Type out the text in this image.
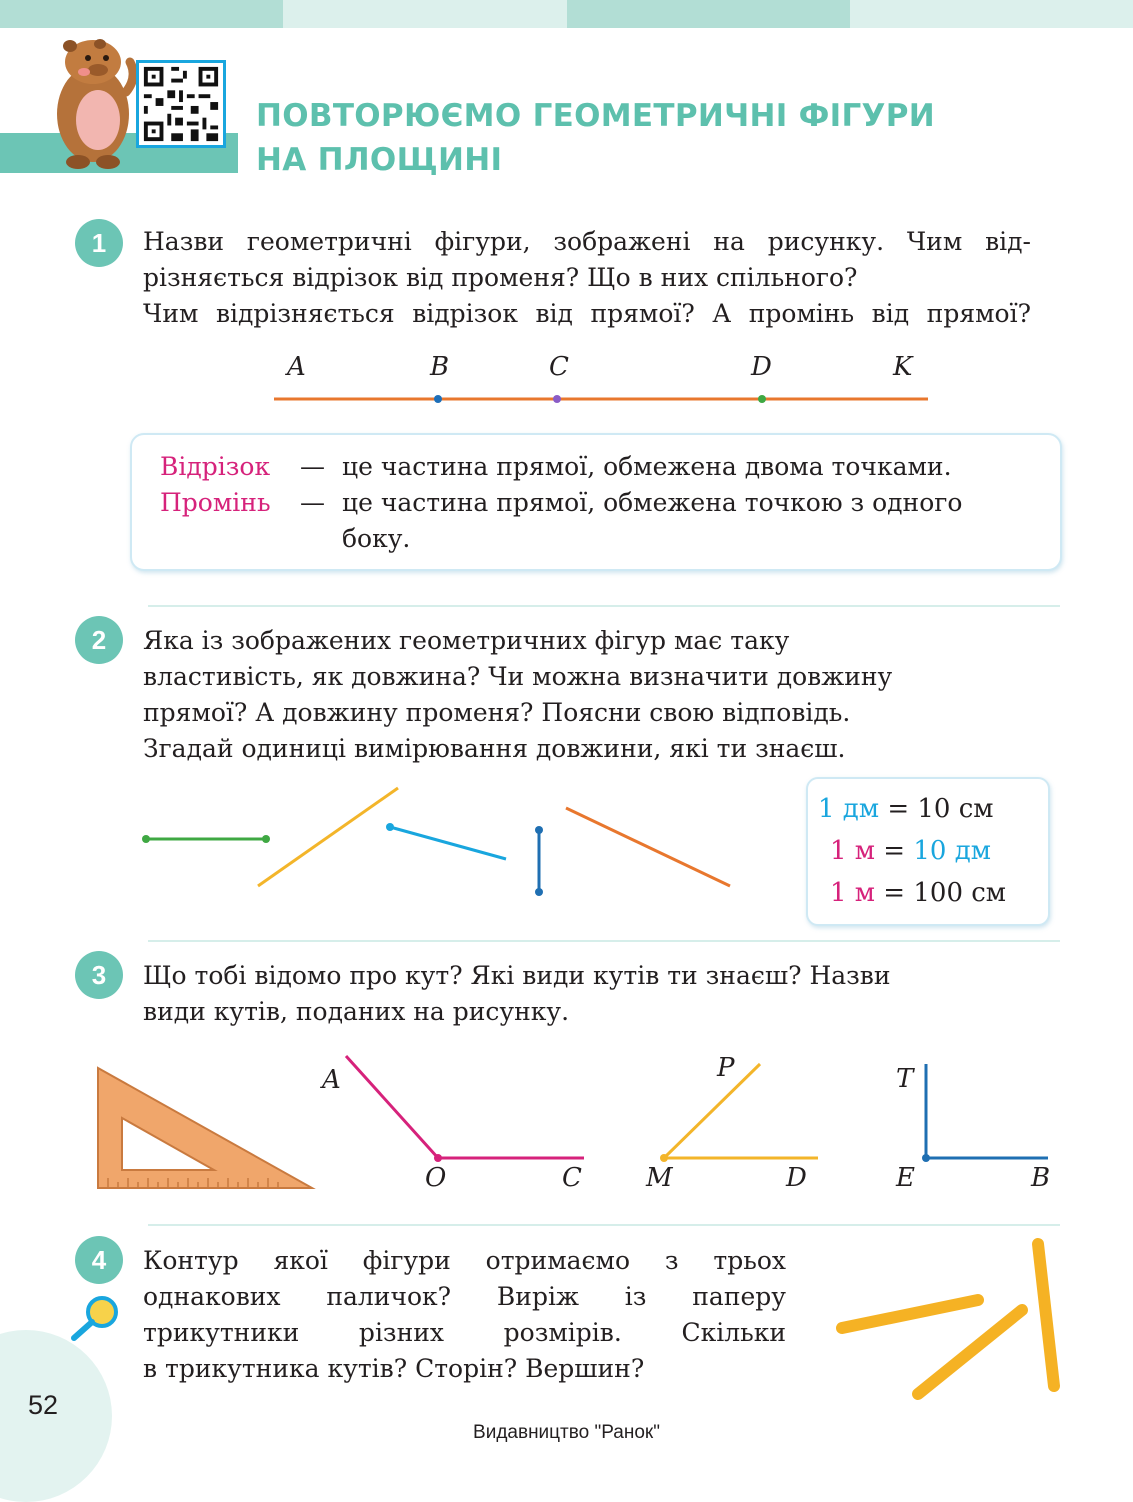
ПОВТОРЮЄМО ГЕОМЕТРИЧНІ ФІГУРИ
НА ПЛОЩИНІ
1	Назви геометричні фігури, зображені на рисунку. Чим від-

різняється відрізок від променя? Що в них спільного?

Чим відрізняється відрізок від прямої? А промінь від прямої?

A	B	C	D	K
Відрізок — це частина прямої, обмежена двома точками.
Промінь — це частина прямої, обмежена точкою з одного
боку.
2	Яка із зображених геометричних фігур має таку

властивість, як довжина? Чи можна визначити довжину

прямої? А довжину променя? Поясни свою відповідь.

Згадай одиниці вимірювання довжини, які ти знаєш.

1 дм = 10 см
1 м = 10 дм
1 м = 100 см
3	Що тобі відомо про кут? Які види кутів ти знаєш? Назви

види кутів, поданих на рисунку.

A
O	C
P
M	D
T
E	B
4	Контур якої фігури отримаємо з трьох

однакових паличок? Виріж із паперу

трикутники різних розмірів. Скільки

в трикутника кутів? Сторін? Вершин?

52
Видавництво "Ранок"
